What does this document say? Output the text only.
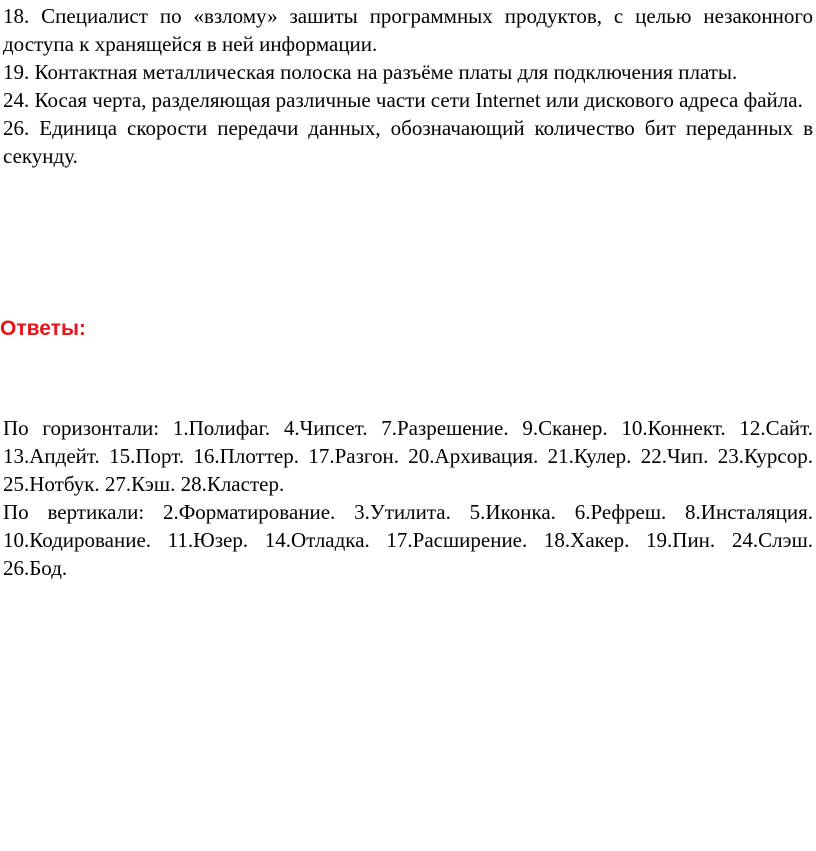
18. Специалист по «взлому» зашиты программных продуктов, с целью незаконного доступа к хранящейся в ней информации.

19. Контактная металлическая полоска на разъёме платы для подключения платы.

24. Косая черта, разделяющая различные части сети Internet или дискового адреса файла.

26. Единица скорости передачи данных, обозначающий количество бит переданных в секунду.

Ответы:

По горизонтали: 1.Полифаг. 4.Чипсет. 7.Разрешение. 9.Сканер. 10.Коннект. 12.Сайт. 13.Апдейт. 15.Порт. 16.Плоттер. 17.Разгон. 20.Архивация. 21.Кулер. 22.Чип. 23.Курсор. 25.Нотбук. 27.Кэш. 28.Кластер.

По вертикали: 2.Форматирование. 3.Утилита. 5.Иконка. 6.Рефреш. 8.Инсталяция. 10.Кодирование. 11.Юзер. 14.Отладка. 17.Расширение. 18.Хакер. 19.Пин. 24.Слэш. 26.Бод.
